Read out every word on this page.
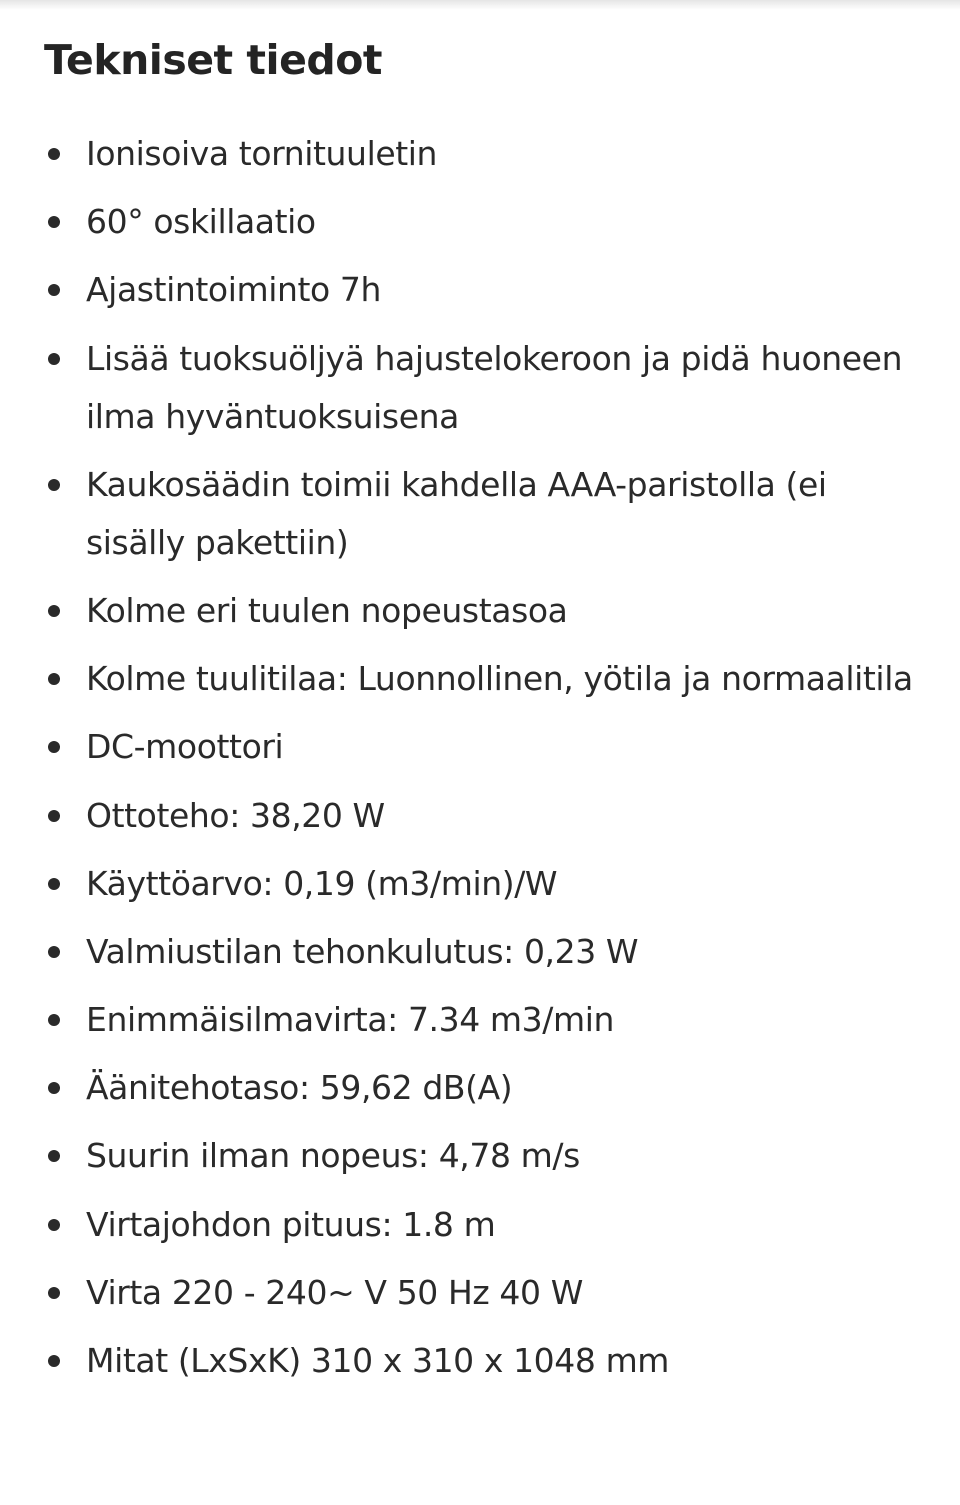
Tekniset tiedot
Ionisoiva tornituuletin
60° oskillaatio
Ajastintoiminto 7h
Lisää tuoksuöljyä hajustelokeroon ja pidä huoneen ilma hyväntuoksuisena
Kaukosäädin toimii kahdella AAA-paristolla (ei sisälly pakettiin)
Kolme eri tuulen nopeustasoa
Kolme tuulitilaa: Luonnollinen, yötila ja normaalitila
DC-moottori
Ottoteho: 38,20 W
Käyttöarvo: 0,19 (m3/min)/W
Valmiustilan tehonkulutus: 0,23 W
Enimmäisilmavirta: 7.34 m3/min
Äänitehotaso: 59,62 dB(A)
Suurin ilman nopeus: 4,78 m/s
Virtajohdon pituus: 1.8 m
Virta 220 - 240~ V 50 Hz 40 W
Mitat (LxSxK) 310 x 310 x 1048 mm
